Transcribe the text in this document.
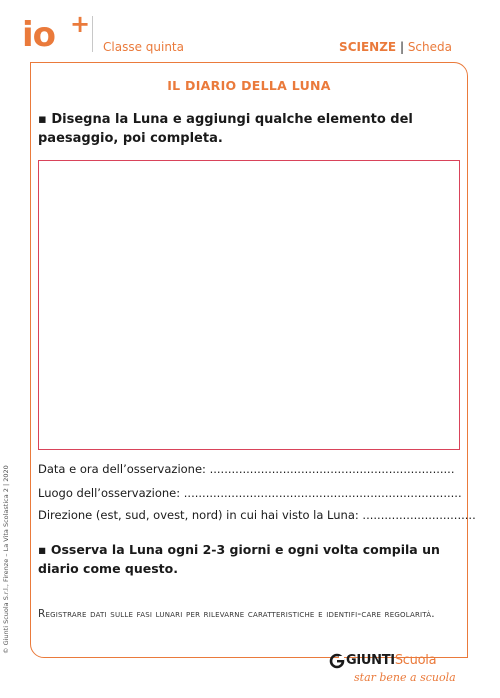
io +
Classe quinta	SCIENZE | Scheda
IL DIARIO DELLA LUNA
▪ Disegna la Luna e aggiungi qualche elemento del paesaggio, poi completa.
Data e ora dell’osservazione: ...................................................................
Luogo dell’osservazione: ............................................................................
Direzione (est, sud, ovest, nord) in cui hai visto la Luna: ...............................
▪ Osserva la Luna ogni 2-3 giorni e ogni volta compila un diario come questo.
Registrare dati sulle fasi lunari per rilevarne caratteristiche e identifi-care regolarità.
© Giunti Scuola S.r.l., Firenze – La Vita Scolastica 2 | 2020
GIUNTIScuola
star bene a scuola
